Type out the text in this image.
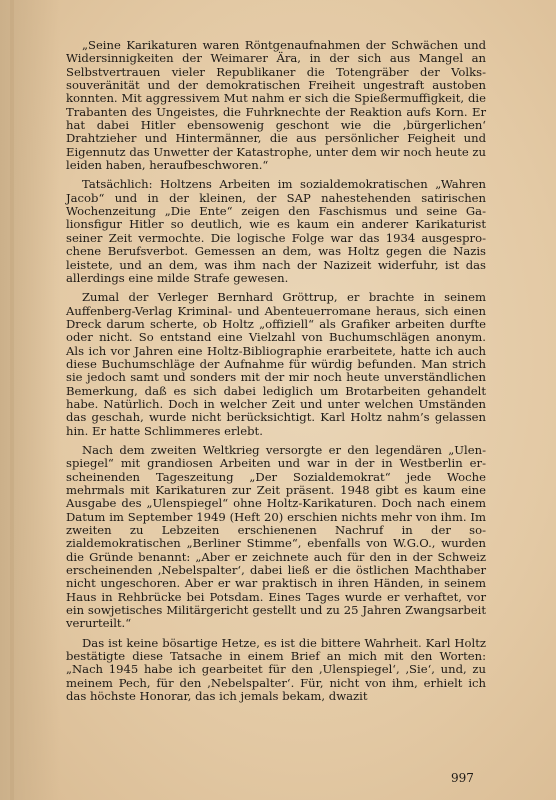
„Seine Karikaturen waren Röntgenaufnahmen der Schwächen und Widersinnigkeiten der Weimarer Ära, in der sich aus Mangel an Selbstvertrauen vieler Republikaner die Totengräber der Volkssouveränität und der demokratischen Freiheit ungestraft austoben konnten. Mit aggressivem Mut nahm er sich die Spießermuffigkeit, die Trabanten des Ungeistes, die Fuhrknechte der Reaktion aufs Korn. Er hat dabei Hitler ebensowenig geschont wie die ‚bürgerlichen‘ Drahtzieher und Hintermänner, die aus persönlicher Feigheit und Eigennutz das Unwetter der Katastrophe, unter dem wir noch heute zu leiden haben, heraufbeschworen.“

Tatsächlich: Holtzens Arbeiten im sozialdemokratischen „Wahren Jacob“ und in der kleinen, der SAP nahestehenden satirischen Wochenzeitung „Die Ente“ zeigen den Faschismus und seine Galionsfigur Hitler so deutlich, wie es kaum ein anderer Karikaturist seiner Zeit vermochte. Die logische Folge war das 1934 ausgesprochene Berufsverbot. Gemessen an dem, was Holtz gegen die Nazis leistete, und an dem, was ihm nach der Nazizeit widerfuhr, ist das allerdings eine milde Strafe gewesen.

Zumal der Verleger Bernhard Gröttrup, er brachte in seinem Auffenberg-Verlag Kriminal- und Abenteuerromane heraus, sich einen Dreck darum scherte, ob Holtz „offiziell“ als Grafiker arbeiten durfte oder nicht. So entstand eine Vielzahl von Buchumschlägen anonym. Als ich vor Jahren eine Holtz-Bibliographie erarbeitete, hatte ich auch diese Buchumschläge der Aufnahme für würdig befunden. Man strich sie jedoch samt und sonders mit der mir noch heute unverständlichen Bemerkung, daß es sich dabei lediglich um Brotarbeiten gehandelt habe. Natürlich. Doch in welcher Zeit und unter welchen Umständen das geschah, wurde nicht berücksichtigt. Karl Holtz nahm’s gelassen hin. Er hatte Schlimmeres erlebt.

Nach dem zweiten Weltkrieg versorgte er den legendären „Ulenspiegel“ mit grandiosen Arbeiten und war in der in Westberlin erscheinenden Tageszeitung „Der Sozialdemokrat“ jede Woche mehrmals mit Karikaturen zur Zeit präsent. 1948 gibt es kaum eine Ausgabe des „Ulenspiegel“ ohne Holtz-Karikaturen. Doch nach einem Datum im September 1949 (Heft 20) erschien nichts mehr von ihm. Im zweiten zu Lebzeiten erschienenen Nachruf in der sozialdemokratischen „Berliner Stimme“, ebenfalls von W.G.O., wurden die Gründe benannt: „Aber er zeichnete auch für den in der Schweiz erscheinenden ‚Nebelspalter‘, dabei ließ er die östlichen Machthaber nicht ungeschoren. Aber er war praktisch in ihren Händen, in seinem Haus in Rehbrücke bei Potsdam. Eines Tages wurde er verhaftet, vor ein sowjetisches Militärgericht gestellt und zu 25 Jahren Zwangsarbeit verurteilt.“

Das ist keine bösartige Hetze, es ist die bittere Wahrheit. Karl Holtz bestätigte diese Tatsache in einem Brief an mich mit den Worten: „Nach 1945 habe ich gearbeitet für den ‚Ulenspiegel‘, ‚Sie‘, und, zu meinem Pech, für den ‚Nebelspalter‘. Für, nicht von ihm, erhielt ich das höchste Honorar, das ich jemals bekam, dwazit

997
